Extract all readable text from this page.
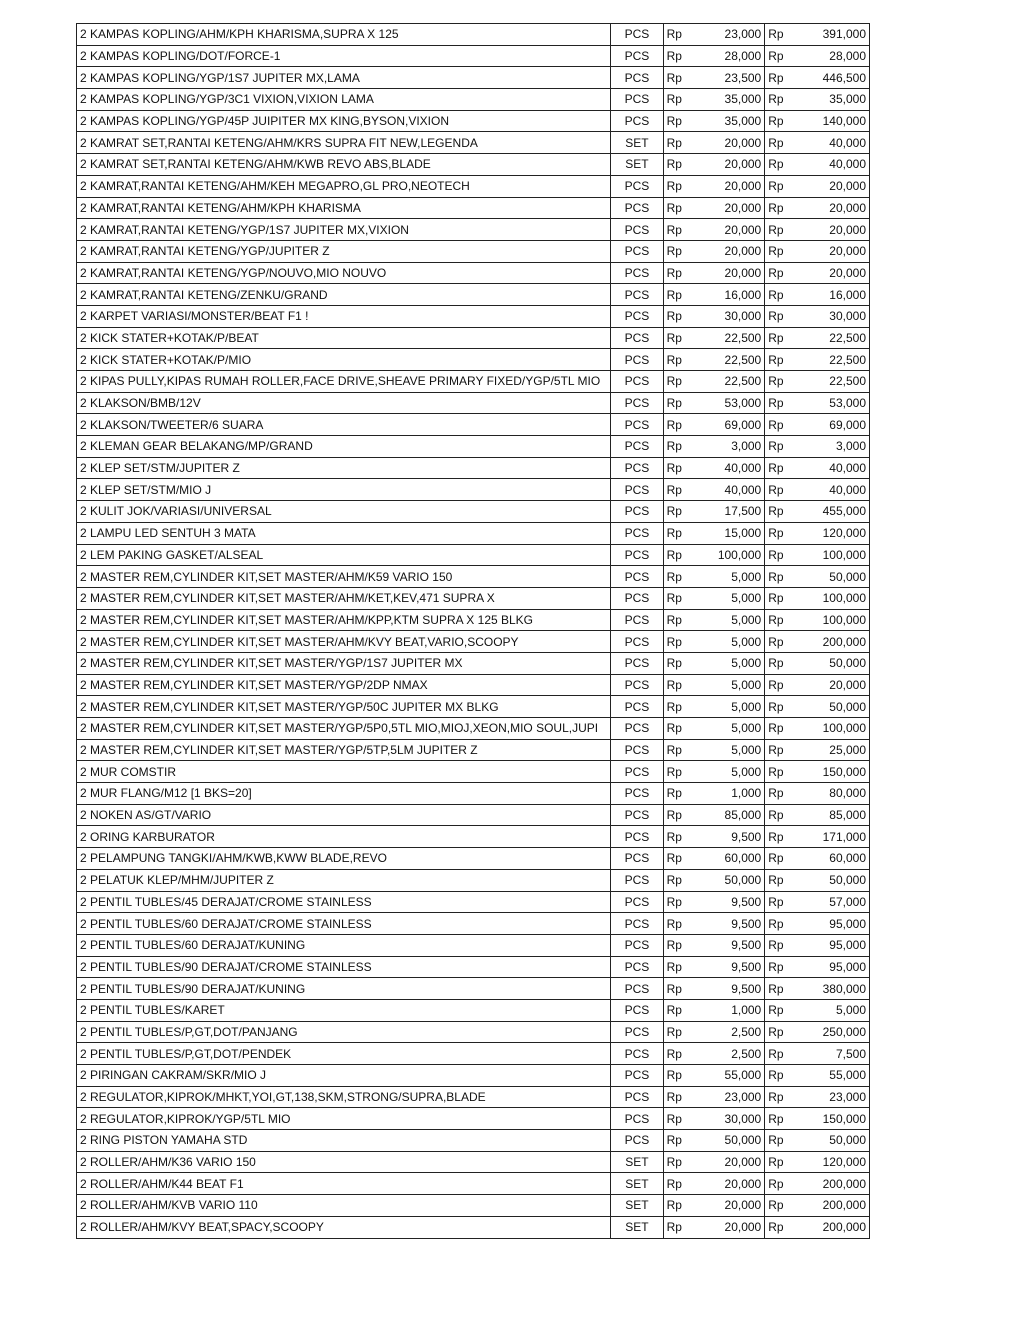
2 KAMPAS KOPLING/AHM/KPH KHARISMA,SUPRA X 125	PCS	Rp	23,000	Rp	391,000
2 KAMPAS KOPLING/DOT/FORCE-1	PCS	Rp	28,000	Rp	28,000
2 KAMPAS KOPLING/YGP/1S7 JUPITER MX,LAMA	PCS	Rp	23,500	Rp	446,500
2 KAMPAS KOPLING/YGP/3C1 VIXION,VIXION LAMA	PCS	Rp	35,000	Rp	35,000
2 KAMPAS KOPLING/YGP/45P JUIPITER MX KING,BYSON,VIXION	PCS	Rp	35,000	Rp	140,000
2 KAMRAT SET,RANTAI KETENG/AHM/KRS SUPRA FIT NEW,LEGENDA	SET	Rp	20,000	Rp	40,000
2 KAMRAT SET,RANTAI KETENG/AHM/KWB REVO ABS,BLADE	SET	Rp	20,000	Rp	40,000
2 KAMRAT,RANTAI KETENG/AHM/KEH MEGAPRO,GL PRO,NEOTECH	PCS	Rp	20,000	Rp	20,000
2 KAMRAT,RANTAI KETENG/AHM/KPH KHARISMA	PCS	Rp	20,000	Rp	20,000
2 KAMRAT,RANTAI KETENG/YGP/1S7 JUPITER MX,VIXION	PCS	Rp	20,000	Rp	20,000
2 KAMRAT,RANTAI KETENG/YGP/JUPITER Z	PCS	Rp	20,000	Rp	20,000
2 KAMRAT,RANTAI KETENG/YGP/NOUVO,MIO NOUVO	PCS	Rp	20,000	Rp	20,000
2 KAMRAT,RANTAI KETENG/ZENKU/GRAND	PCS	Rp	16,000	Rp	16,000
2 KARPET VARIASI/MONSTER/BEAT F1 !	PCS	Rp	30,000	Rp	30,000
2 KICK STATER+KOTAK/P/BEAT	PCS	Rp	22,500	Rp	22,500
2 KICK STATER+KOTAK/P/MIO	PCS	Rp	22,500	Rp	22,500
2 KIPAS PULLY,KIPAS RUMAH ROLLER,FACE DRIVE,SHEAVE PRIMARY FIXED/YGP/5TL MIO	PCS	Rp	22,500	Rp	22,500
2 KLAKSON/BMB/12V	PCS	Rp	53,000	Rp	53,000
2 KLAKSON/TWEETER/6 SUARA	PCS	Rp	69,000	Rp	69,000
2 KLEMAN GEAR BELAKANG/MP/GRAND	PCS	Rp	3,000	Rp	3,000
2 KLEP SET/STM/JUPITER Z	PCS	Rp	40,000	Rp	40,000
2 KLEP SET/STM/MIO J	PCS	Rp	40,000	Rp	40,000
2 KULIT JOK/VARIASI/UNIVERSAL	PCS	Rp	17,500	Rp	455,000
2 LAMPU LED SENTUH 3 MATA	PCS	Rp	15,000	Rp	120,000
2 LEM PAKING GASKET/ALSEAL	PCS	Rp	100,000	Rp	100,000
2 MASTER REM,CYLINDER KIT,SET MASTER/AHM/K59 VARIO 150	PCS	Rp	5,000	Rp	50,000
2 MASTER REM,CYLINDER KIT,SET MASTER/AHM/KET,KEV,471 SUPRA X	PCS	Rp	5,000	Rp	100,000
2 MASTER REM,CYLINDER KIT,SET MASTER/AHM/KPP,KTM SUPRA X 125 BLKG	PCS	Rp	5,000	Rp	100,000
2 MASTER REM,CYLINDER KIT,SET MASTER/AHM/KVY BEAT,VARIO,SCOOPY	PCS	Rp	5,000	Rp	200,000
2 MASTER REM,CYLINDER KIT,SET MASTER/YGP/1S7 JUPITER MX	PCS	Rp	5,000	Rp	50,000
2 MASTER REM,CYLINDER KIT,SET MASTER/YGP/2DP NMAX	PCS	Rp	5,000	Rp	20,000
2 MASTER REM,CYLINDER KIT,SET MASTER/YGP/50C JUPITER MX BLKG	PCS	Rp	5,000	Rp	50,000
2 MASTER REM,CYLINDER KIT,SET MASTER/YGP/5P0,5TL MIO,MIOJ,XEON,MIO SOUL,JUPI	PCS	Rp	5,000	Rp	100,000
2 MASTER REM,CYLINDER KIT,SET MASTER/YGP/5TP,5LM JUPITER Z	PCS	Rp	5,000	Rp	25,000
2 MUR COMSTIR	PCS	Rp	5,000	Rp	150,000
2 MUR FLANG/M12 [1 BKS=20]	PCS	Rp	1,000	Rp	80,000
2 NOKEN AS/GT/VARIO	PCS	Rp	85,000	Rp	85,000
2 ORING KARBURATOR	PCS	Rp	9,500	Rp	171,000
2 PELAMPUNG TANGKI/AHM/KWB,KWW BLADE,REVO	PCS	Rp	60,000	Rp	60,000
2 PELATUK KLEP/MHM/JUPITER Z	PCS	Rp	50,000	Rp	50,000
2 PENTIL TUBLES/45 DERAJAT/CROME STAINLESS	PCS	Rp	9,500	Rp	57,000
2 PENTIL TUBLES/60 DERAJAT/CROME STAINLESS	PCS	Rp	9,500	Rp	95,000
2 PENTIL TUBLES/60 DERAJAT/KUNING	PCS	Rp	9,500	Rp	95,000
2 PENTIL TUBLES/90 DERAJAT/CROME STAINLESS	PCS	Rp	9,500	Rp	95,000
2 PENTIL TUBLES/90 DERAJAT/KUNING	PCS	Rp	9,500	Rp	380,000
2 PENTIL TUBLES/KARET	PCS	Rp	1,000	Rp	5,000
2 PENTIL TUBLES/P,GT,DOT/PANJANG	PCS	Rp	2,500	Rp	250,000
2 PENTIL TUBLES/P,GT,DOT/PENDEK	PCS	Rp	2,500	Rp	7,500
2 PIRINGAN CAKRAM/SKR/MIO J	PCS	Rp	55,000	Rp	55,000
2 REGULATOR,KIPROK/MHKT,YOI,GT,138,SKM,STRONG/SUPRA,BLADE	PCS	Rp	23,000	Rp	23,000
2 REGULATOR,KIPROK/YGP/5TL MIO	PCS	Rp	30,000	Rp	150,000
2 RING PISTON YAMAHA STD	PCS	Rp	50,000	Rp	50,000
2 ROLLER/AHM/K36 VARIO 150	SET	Rp	20,000	Rp	120,000
2 ROLLER/AHM/K44 BEAT F1	SET	Rp	20,000	Rp	200,000
2 ROLLER/AHM/KVB VARIO 110	SET	Rp	20,000	Rp	200,000
2 ROLLER/AHM/KVY BEAT,SPACY,SCOOPY	SET	Rp	20,000	Rp	200,000
